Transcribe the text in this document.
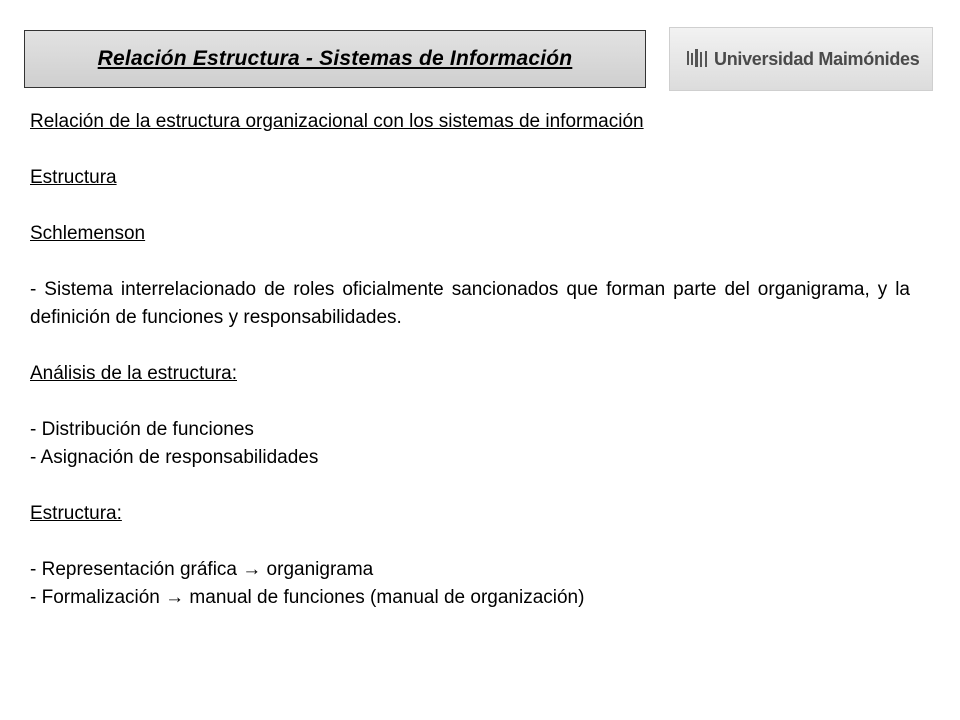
Relación Estructura - Sistemas de Información	Universidad Maimónides

Relación de la estructura organizacional con los sistemas de información

Estructura

Schlemenson

- Sistema interrelacionado de roles oficialmente sancionados que forman parte del organigrama, y la definición de funciones y responsabilidades.

Análisis de la estructura:

- Distribución de funciones

- Asignación de responsabilidades

Estructura:

- Representación gráfica → organigrama

- Formalización → manual de funciones (manual de organización)
